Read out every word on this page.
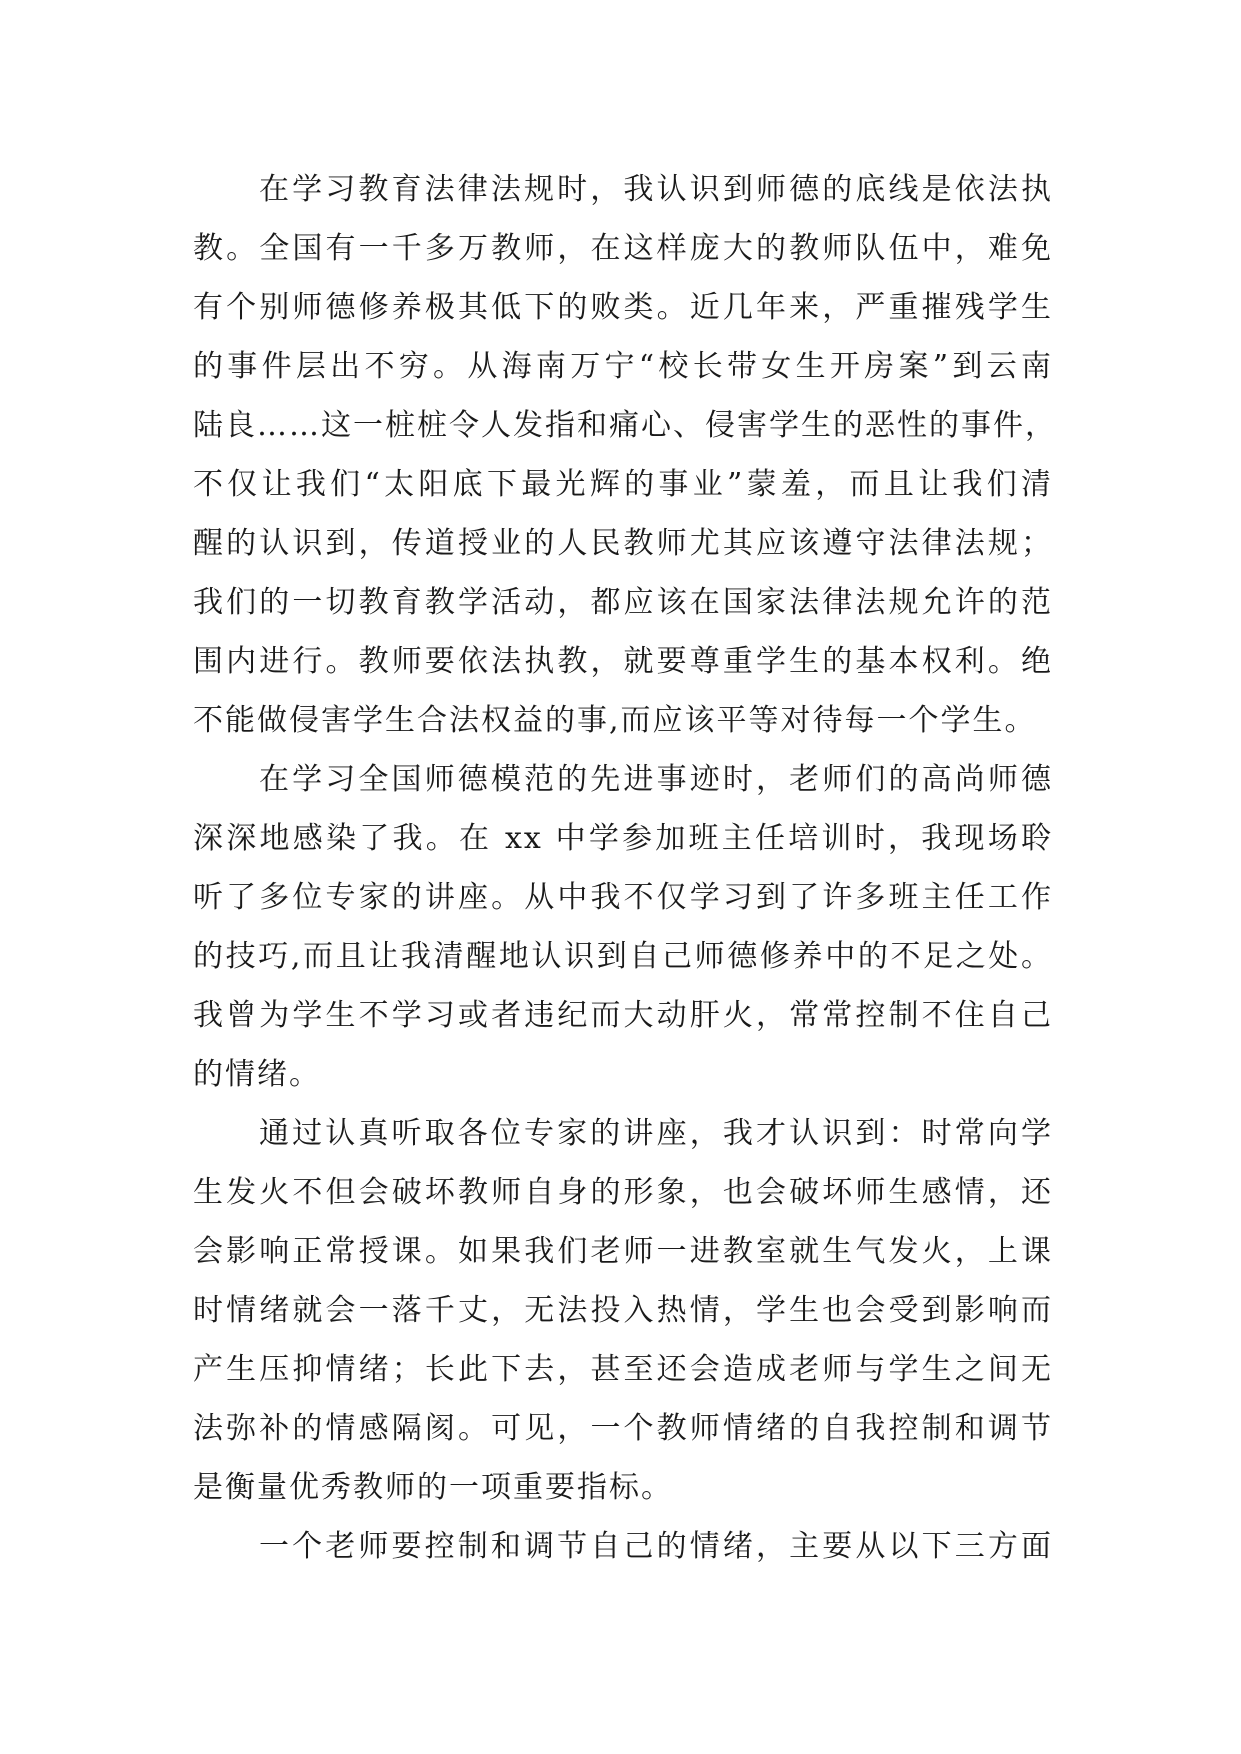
在学习教育法律法规时，我认识到师德的底线是依法执
教。全国有一千多万教师，在这样庞大的教师队伍中，难免
有个别师德修养极其低下的败类。近几年来，严重摧残学生
的事件层出不穷。从海南万宁“校长带女生开房案”到云南
陆良……这一桩桩令人发指和痛心、侵害学生的恶性的事件，
不仅让我们“太阳底下最光辉的事业”蒙羞，而且让我们清
醒的认识到，传道授业的人民教师尤其应该遵守法律法规；
我们的一切教育教学活动，都应该在国家法律法规允许的范
围内进行。教师要依法执教，就要尊重学生的基本权利。绝
不能做侵害学生合法权益的事,而应该平等对待每一个学生。
在学习全国师德模范的先进事迹时，老师们的高尚师德
深深地感染了我。在 xx 中学参加班主任培训时，我现场聆
听了多位专家的讲座。从中我不仅学习到了许多班主任工作
的技巧,而且让我清醒地认识到自己师德修养中的不足之处。
我曾为学生不学习或者违纪而大动肝火，常常控制不住自己
的情绪。
通过认真听取各位专家的讲座，我才认识到：时常向学
生发火不但会破坏教师自身的形象，也会破坏师生感情，还
会影响正常授课。如果我们老师一进教室就生气发火，上课
时情绪就会一落千丈，无法投入热情，学生也会受到影响而
产生压抑情绪；长此下去，甚至还会造成老师与学生之间无
法弥补的情感隔阂。可见，一个教师情绪的自我控制和调节
是衡量优秀教师的一项重要指标。
一个老师要控制和调节自己的情绪，主要从以下三方面
